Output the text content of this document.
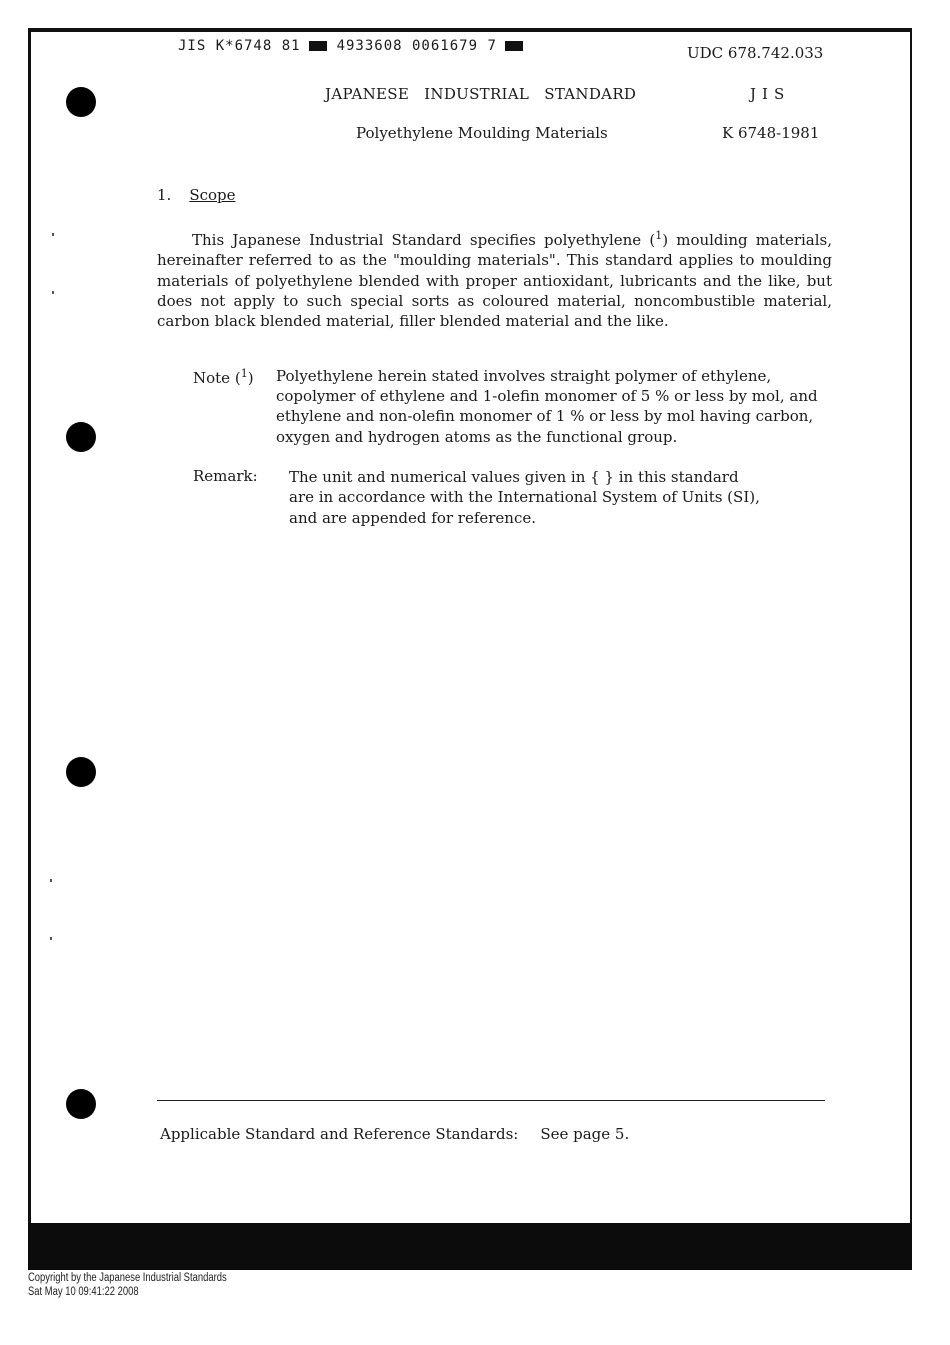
JIS K*6748 81	4933608 0061679 7	UDC 678.742.033
JAPANESE INDUSTRIAL STANDARD	JIS
Polyethylene Moulding Materials	K 6748-1981
1. Scope
This Japanese Industrial Standard specifies polyethylene ($^1$) moulding materials, hereinafter referred to as the "moulding materials". This standard applies to moulding materials of polyethylene blended with proper antioxidant, lubricants and the like, but does not apply to such special sorts as coloured material, noncombustible material, carbon black blended material, filler blended material and the like.
Note ($^1$) Polyethylene herein stated involves straight polymer of ethylene, copolymer of ethylene and 1-olefin monomer of 5 % or less by mol, and ethylene and non-olefin monomer of 1 % or less by mol having carbon, oxygen and hydrogen atoms as the functional group.
Remark: The unit and numerical values given in { } in this standard
are in accordance with the International System of Units (SI),
and are appended for reference.
Applicable Standard and Reference Standards: See page 5.
Copyright by the Japanese Industrial Standards
Sat May 10 09:41:22 2008
